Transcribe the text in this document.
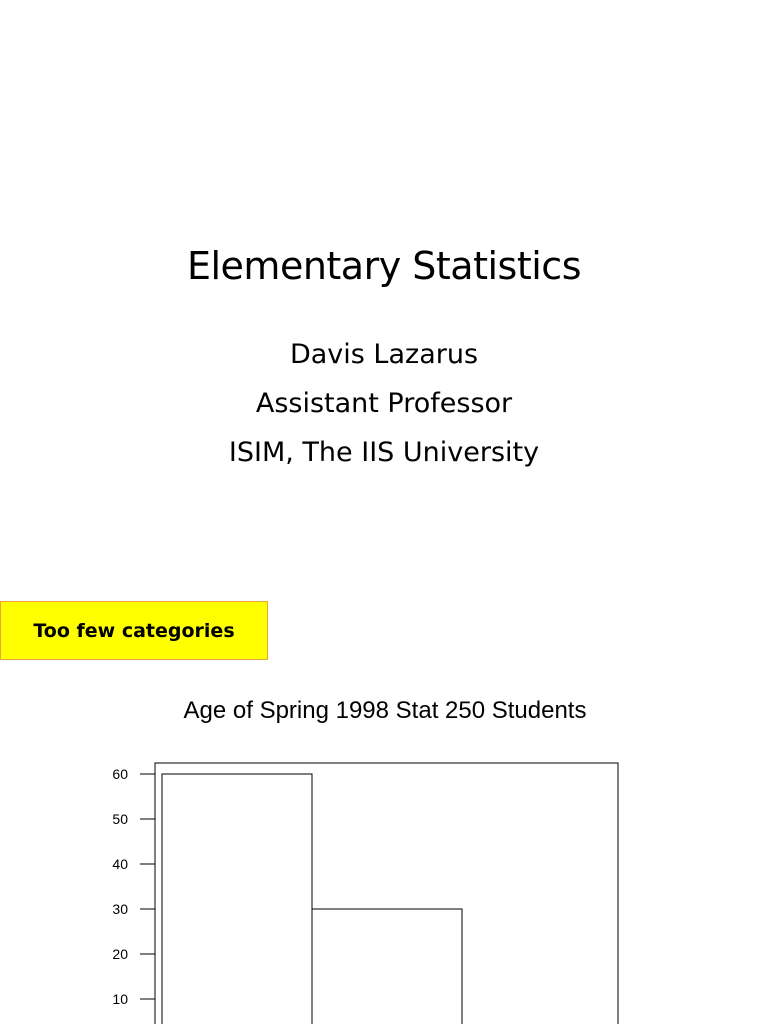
Elementary Statistics
Davis Lazarus
Assistant Professor
ISIM, The IIS University
Too few categories
Age of Spring 1998 Stat 250 Students
10
20
30
40
50
60
